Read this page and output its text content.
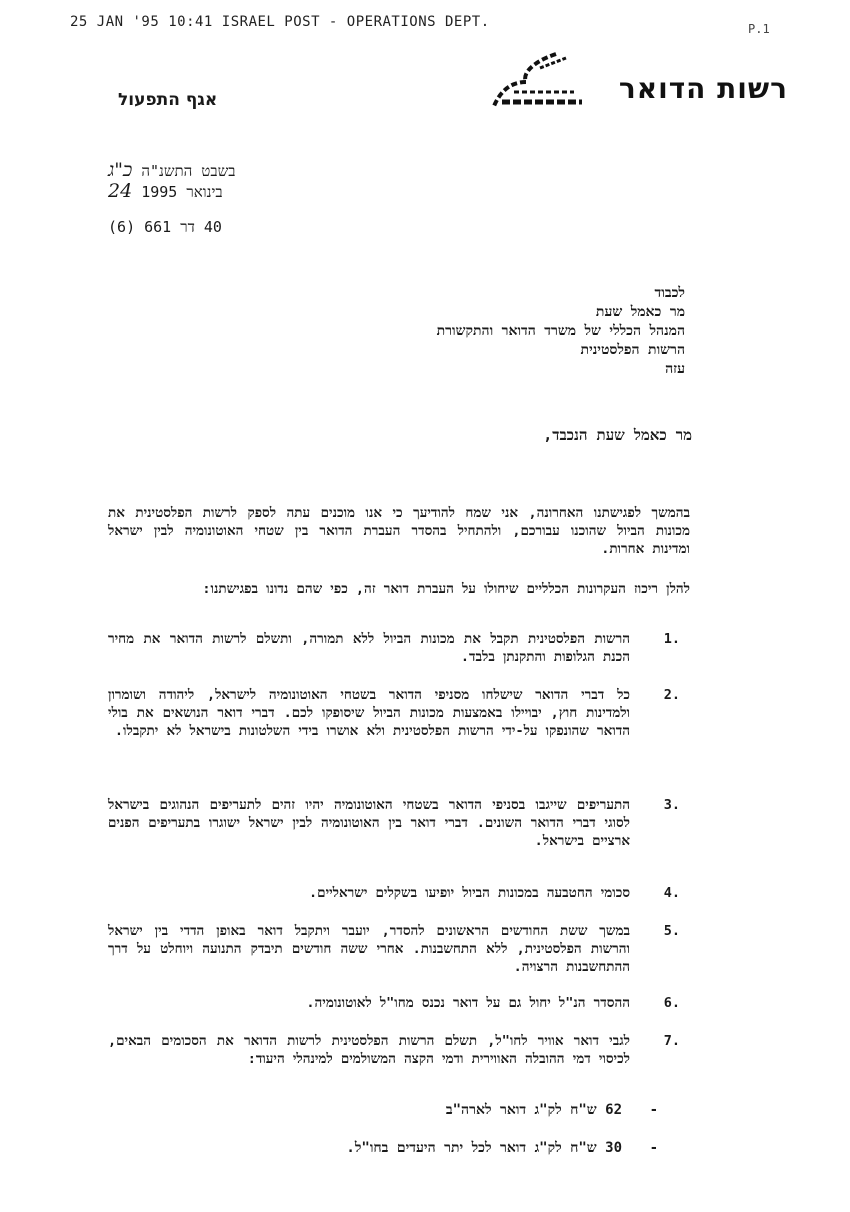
25 JAN '95 10:41 ISRAEL POST - OPERATIONS DEPT.	P.1
רשות הדואר
אגף התפעול
בשבט התשנ"ה כ"ג
בינואר 1995 24
40 דר 661 (6)
לכבוד
מר כאמל שעת
המנהל הכללי של משרד הדואר והתקשורת
הרשות הפלסטינית
עזה
מר כאמל שעת הנכבד,
בהמשך לפגישתנו האחרונה, אני שמח להודיעך כי אנו מוכנים עתה לספק לרשות הפלסטינית את מכונות הביול שהוכנו עבורכם, ולהתחיל בהסדר העברת הדואר בין שטחי האוטונומיה לבין ישראל ומדינות אחרות.
להלן ריכוז העקרונות הכלליים שיחולו על העברת דואר זה, כפי שהם נדונו בפגישתנו:
.1
הרשות הפלסטינית תקבל את מכונות הביול ללא תמורה, ותשלם לרשות הדואר את מחיר הכנת הגלופות והתקנתן בלבד.
.2
כל דברי הדואר שישלחו מסניפי הדואר בשטחי האוטונומיה לישראל, ליהודה ושומרון ולמדינות חוץ, יבויילו באמצעות מכונות הביול שיסופקו לכם. דברי דואר הנושאים את בולי הדואר שהונפקו על-ידי הרשות הפלסטינית ולא אושרו בידי השלטונות בישראל לא יתקבלו.
.3
התעריפים שייגבו בסניפי הדואר בשטחי האוטונומיה יהיו זהים לתעריפים הנהוגים בישראל לסוגי דברי הדואר השונים. דברי דואר בין האוטונומיה לבין ישראל ישוגרו בתעריפים הפנים ארציים בישראל.
.4
סכומי החטבעה במכונות הביול יופיעו בשקלים ישראליים.
.5
במשך ששת החודשים הראשונים להסדר, יועבר ויתקבל דואר באופן הדדי בין ישראל והרשות הפלסטינית, ללא התחשבנות. אחרי ששה חודשים תיבדק התנועה ויוחלט על דרך ההתחשבנות הרצויה.
.6
ההסדר הנ"ל יחול גם על דואר נכנס מחו"ל לאוטונומיה.
.7
לגבי דואר אוויר לחו"ל, תשלם הרשות הפלסטינית לרשות הדואר את הסכומים הבאים, לכיסוי דמי ההובלה האווירית ודמי הקצה המשולמים למינהלי היעוד:
-
62 ש"ח לק"ג דואר לארה"ב
-
30 ש"ח לק"ג דואר לכל יתר היעדים בחו"ל.
